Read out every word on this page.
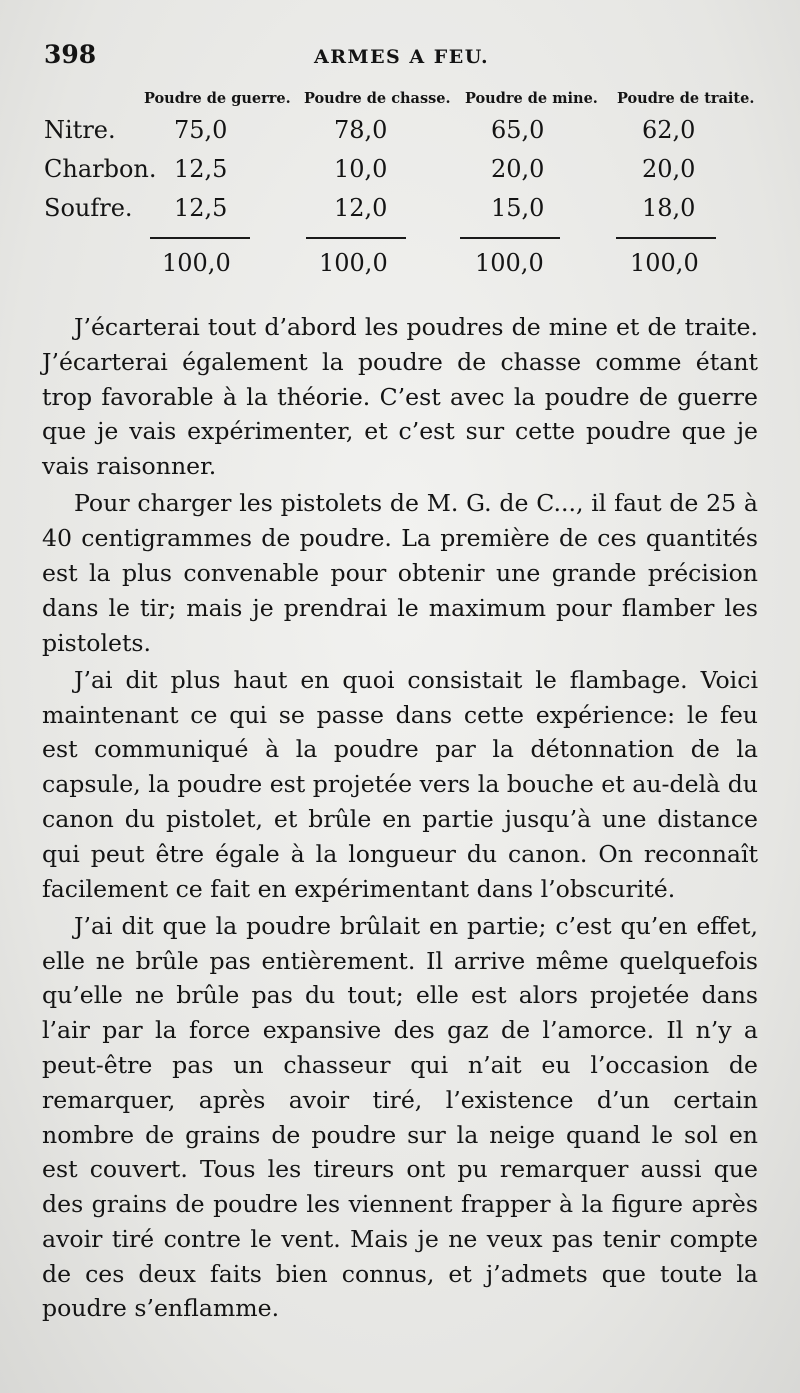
398	ARMES A FEU.
Poudre de guerre. Poudre de chasse. Poudre de mine. Poudre de traite.
Nitre. 75,0	78,0	65,0	62,0
Charbon. 12,5	10,0	20,0	20,0
Soufre. 12,5	12,0	15,0	18,0
100,0	100,0	100,0	100,0

J’écarterai tout d’abord les poudres de mine et de traite. J’écarterai également la poudre de chasse comme étant trop favorable à la théorie. C’est avec la poudre de guerre que je vais expérimenter, et c’est sur cette poudre que je vais raisonner.

Pour charger les pistolets de M. G. de C..., il faut de 25 à 40 centigrammes de poudre. La première de ces quantités est la plus convenable pour obtenir une grande précision dans le tir; mais je prendrai le maximum pour flamber les pistolets.

J’ai dit plus haut en quoi consistait le flambage. Voici maintenant ce qui se passe dans cette expérience: le feu est communiqué à la poudre par la détonnation de la capsule, la poudre est projetée vers la bouche et au-delà du canon du pistolet, et brûle en partie jusqu’à une distance qui peut être égale à la longueur du canon. On reconnaît facilement ce fait en expérimentant dans l’obscurité.

J’ai dit que la poudre brûlait en partie; c’est qu’en effet, elle ne brûle pas entièrement. Il arrive même quelquefois qu’elle ne brûle pas du tout; elle est alors projetée dans l’air par la force expansive des gaz de l’amorce. Il n’y a peut-être pas un chasseur qui n’ait eu l’occasion de remarquer, après avoir tiré, l’existence d’un certain nombre de grains de poudre sur la neige quand le sol en est couvert. Tous les tireurs ont pu remarquer aussi que des grains de poudre les viennent frapper à la figure après avoir tiré contre le vent. Mais je ne veux pas tenir compte de ces deux faits bien connus, et j’admets que toute la poudre s’enflamme.
